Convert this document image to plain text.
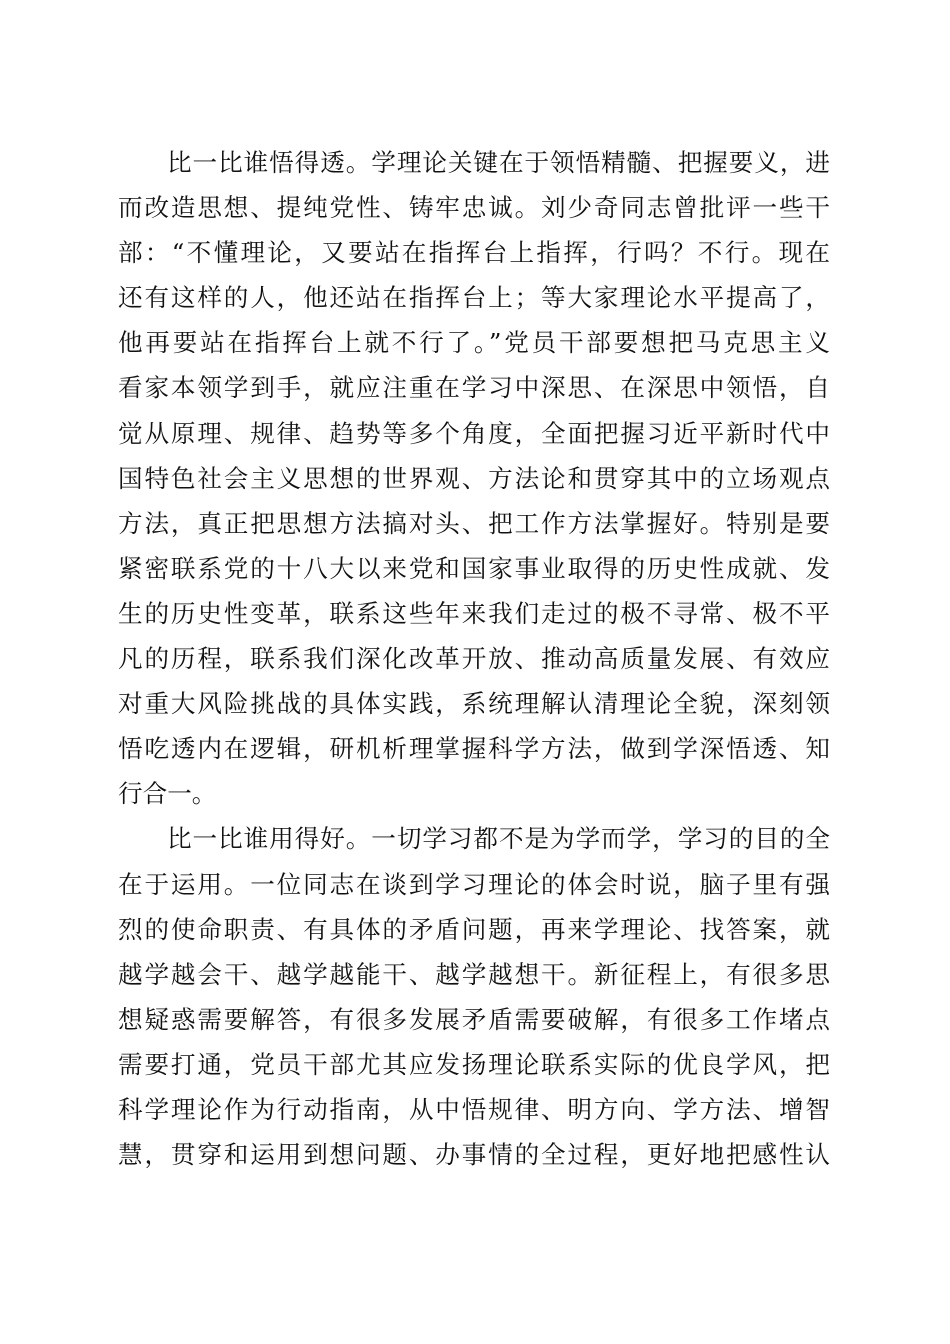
比一比谁悟得透。学理论关键在于领悟精髓、把握要义，进
而改造思想、提纯党性、铸牢忠诚。刘少奇同志曾批评一些干
部：“不懂理论，又要站在指挥台上指挥，行吗？不行。现在
还有这样的人，他还站在指挥台上；等大家理论水平提高了，
他再要站在指挥台上就不行了。”党员干部要想把马克思主义
看家本领学到手，就应注重在学习中深思、在深思中领悟，自
觉从原理、规律、趋势等多个角度，全面把握习近平新时代中
国特色社会主义思想的世界观、方法论和贯穿其中的立场观点
方法，真正把思想方法搞对头、把工作方法掌握好。特别是要
紧密联系党的十八大以来党和国家事业取得的历史性成就、发
生的历史性变革，联系这些年来我们走过的极不寻常、极不平
凡的历程，联系我们深化改革开放、推动高质量发展、有效应
对重大风险挑战的具体实践，系统理解认清理论全貌，深刻领
悟吃透内在逻辑，研机析理掌握科学方法，做到学深悟透、知
行合一。
比一比谁用得好。一切学习都不是为学而学，学习的目的全
在于运用。一位同志在谈到学习理论的体会时说，脑子里有强
烈的使命职责、有具体的矛盾问题，再来学理论、找答案，就
越学越会干、越学越能干、越学越想干。新征程上，有很多思
想疑惑需要解答，有很多发展矛盾需要破解，有很多工作堵点
需要打通，党员干部尤其应发扬理论联系实际的优良学风，把
科学理论作为行动指南，从中悟规律、明方向、学方法、增智
慧，贯穿和运用到想问题、办事情的全过程，更好地把感性认
